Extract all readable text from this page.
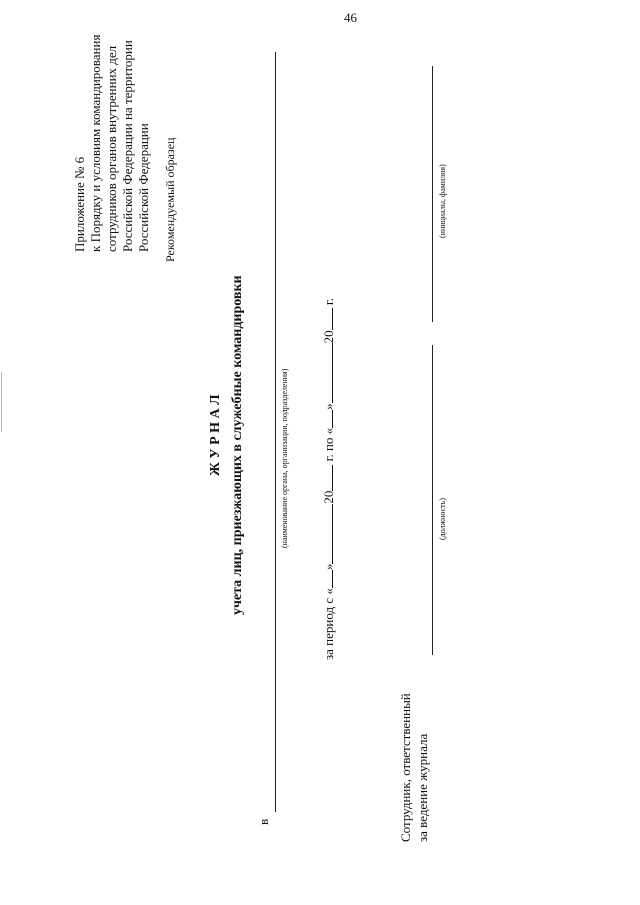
46
Приложение № 6 к Порядку и условиям командирования сотрудников органов внутренних дел Российской Федерации на территории Российской Федерации Рекомендуемый образец
Ж У Р Н А Л учета лиц, приезжающих в служебные командировки
в
(наименование органа, организации, подразделения)
за период с «»20 г. по «»20 г.
Сотрудник, ответственный за ведение журнала
(должность)
(инициалы, фамилия)
